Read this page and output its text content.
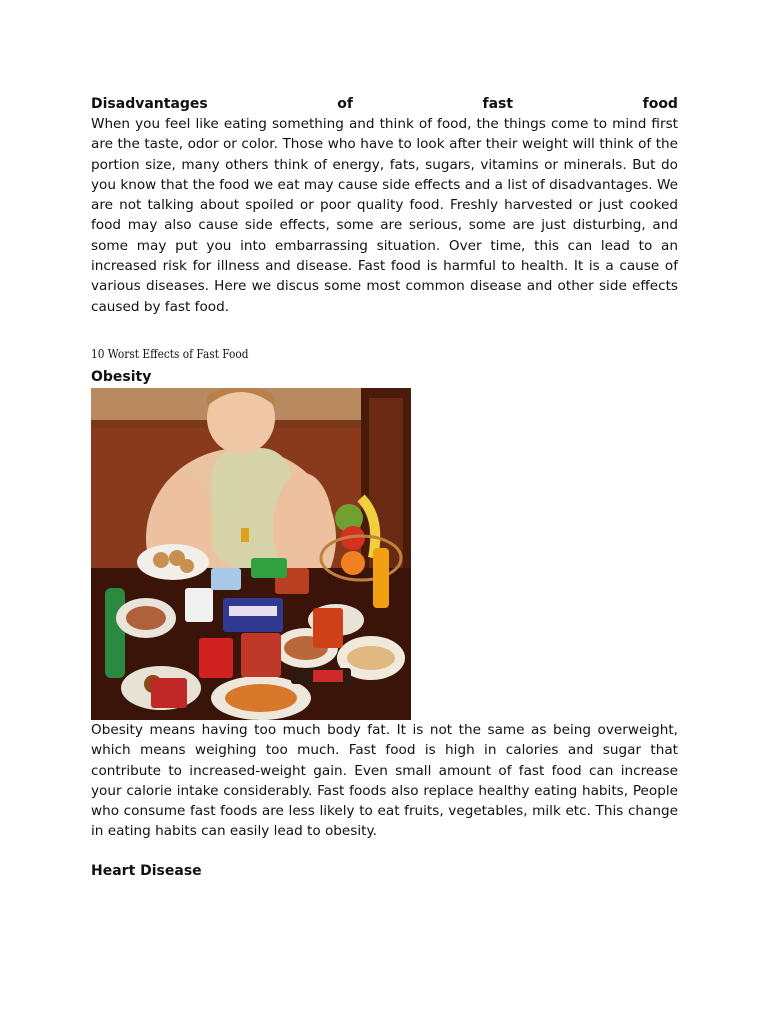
Disadvantages	of	fast	food

When you feel like eating something and think of food, the things come to mind first are the taste, odor or color. Those who have to look after their weight will think of the portion size, many others think of energy, fats, sugars, vitamins or minerals. But do you know that the food we eat may cause side effects and a list of disadvantages. We are not talking about spoiled or poor quality food. Freshly harvested or just cooked food may also cause side effects, some are serious, some are just disturbing, and some may put you into embarrassing situation. Over time, this can lead to an increased risk for illness and disease. Fast food is harmful to health. It is a cause of various diseases. Here we discus some most common disease and other side effects caused by fast food.

10 Worst Effects of Fast Food
Obesity

Obesity means having too much body fat. It is not the same as being overweight, which means weighing too much. Fast food is high in calories and sugar that contribute to increased-weight gain. Even small amount of fast food can increase your calorie intake considerably. Fast foods also replace healthy eating habits, People who consume fast foods are less likely to eat fruits, vegetables, milk etc. This change in eating habits can easily lead to obesity.

Heart Disease
